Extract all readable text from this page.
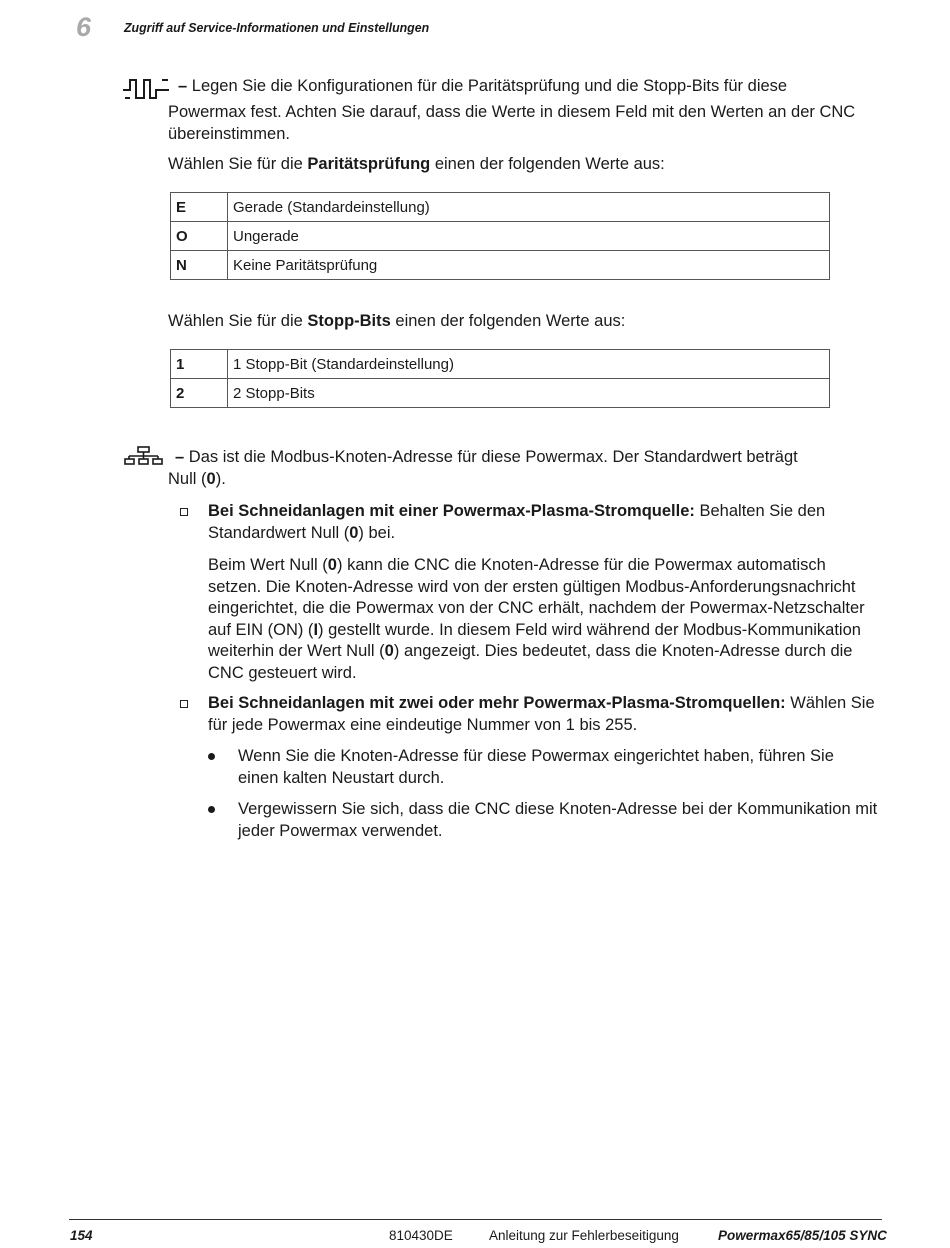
6	Zugriff auf Service-Informationen und Einstellungen

– Legen Sie die Konfigurationen für die Paritätsprüfung und die Stopp-Bits für diese

Powermax fest. Achten Sie darauf, dass die Werte in diesem Feld mit den Werten an der CNC übereinstimmen.

Wählen Sie für die Paritätsprüfung einen der folgenden Werte aus:

E	Gerade (Standardeinstellung)
O	Ungerade
N	Keine Paritätsprüfung

Wählen Sie für die Stopp-Bits einen der folgenden Werte aus:

1	1 Stopp-Bit (Standardeinstellung)
2	2 Stopp-Bits

– Das ist die Modbus-Knoten-Adresse für diese Powermax. Der Standardwert beträgt

Null (0).

Bei Schneidanlagen mit einer Powermax-Plasma-Stromquelle: Behalten Sie den Standardwert Null (0) bei.

Beim Wert Null (0) kann die CNC die Knoten-Adresse für die Powermax automatisch setzen. Die Knoten-Adresse wird von der ersten gültigen Modbus-Anforderungsnachricht eingerichtet, die die Powermax von der CNC erhält, nachdem der Powermax-Netzschalter auf EIN (ON) (I) gestellt wurde. In diesem Feld wird während der Modbus-Kommunikation weiterhin der Wert Null (0) angezeigt. Dies bedeutet, dass die Knoten-Adresse durch die CNC gesteuert wird.

Bei Schneidanlagen mit zwei oder mehr Powermax-Plasma-Stromquellen: Wählen Sie für jede Powermax eine eindeutige Nummer von 1 bis 255.

Wenn Sie die Knoten-Adresse für diese Powermax eingerichtet haben, führen Sie einen kalten Neustart durch.

Vergewissern Sie sich, dass die CNC diese Knoten-Adresse bei der Kommunikation mit jeder Powermax verwendet.

154	810430DE	Anleitung zur Fehlerbeseitigung	Powermax65/85/105 SYNC
